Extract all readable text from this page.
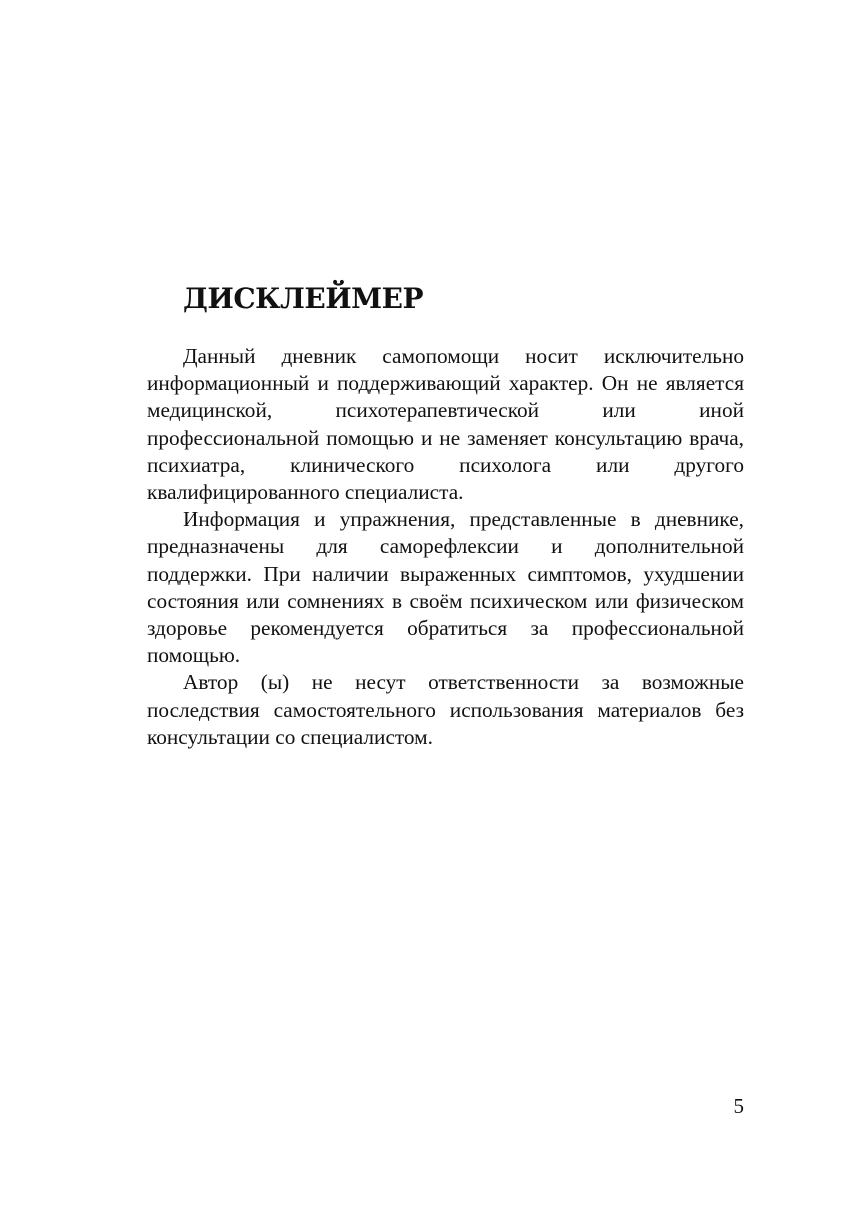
ДИСКЛЕЙМЕР

Данный дневник самопомощи носит исключительно информационный и поддерживающий характер. Он не является медицинской, психотерапевтической или иной профессиональной помощью и не заменяет консультацию врача, психиатра, клинического психолога или другого квалифицированного специалиста.

Информация и упражнения, представленные в дневнике, предназначены для саморефлексии и дополнительной поддержки. При наличии выраженных симптомов, ухудшении состояния или сомнениях в своём психическом или физическом здоровье рекомендуется обратиться за профессиональной помощью.

Автор (ы) не несут ответственности за возможные последствия самостоятельного использования материалов без консультации со специалистом.

5
